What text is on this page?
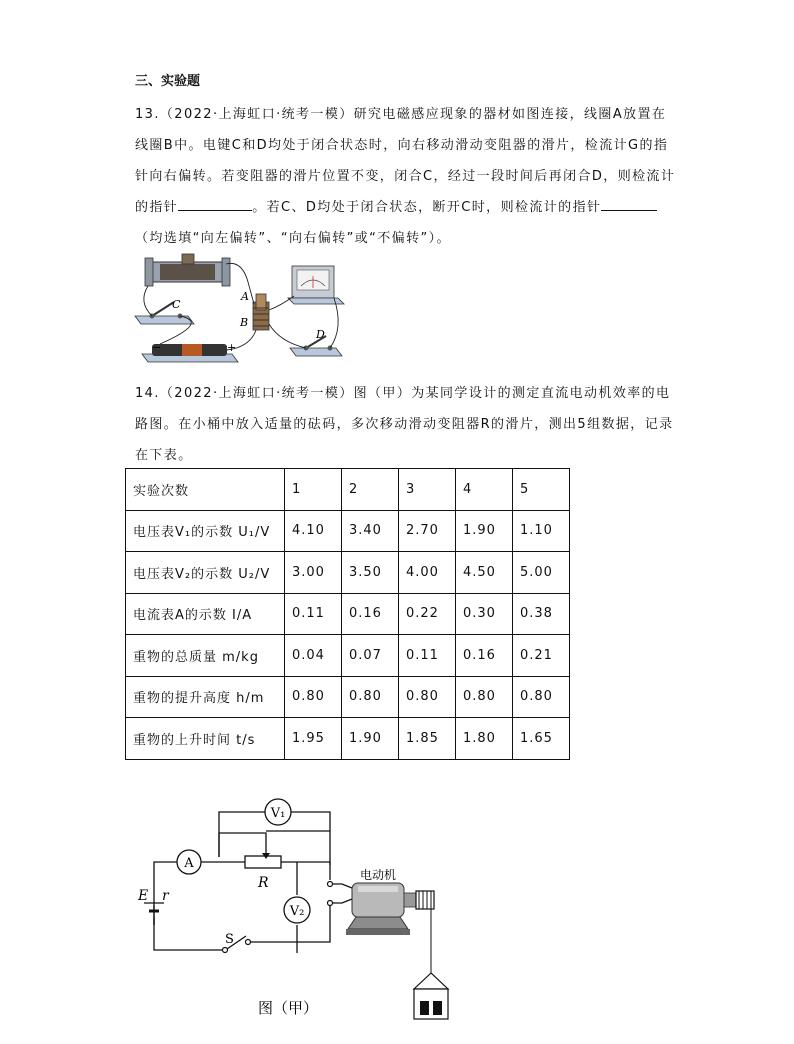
三、实验题
13.（2022·上海虹口·统考一模）研究电磁感应现象的器材如图连接，线圈A放置在
线圈B中。电键C和D均处于闭合状态时，向右移动滑动变阻器的滑片，检流计G的指
针向右偏转。若变阻器的滑片位置不变，闭合C，经过一段时间后再闭合D，则检流计
的指针	。若C、D均处于闭合状态，断开C时，则检流计的指针
（均选填“向左偏转”、“向右偏转”或“不偏转”）。
C
−	+
A
B
D
14.（2022·上海虹口·统考一模）图（甲）为某同学设计的测定直流电动机效率的电
路图。在小桶中放入适量的砝码，多次移动滑动变阻器R的滑片，测出5组数据，记录
在下表。
实验次数	1	2	3	4	5
电压表V₁的示数 U₁/V	4.10	3.40	2.70	1.90	1.10
电压表V₂的示数 U₂/V	3.00	3.50	4.00	4.50	5.00
电流表A的示数 I/A	0.11	0.16	0.22	0.30	0.38
重物的总质量 m/kg	0.04	0.07	0.11	0.16	0.21
重物的提升高度 h/m	0.80	0.80	0.80	0.80	0.80
重物的上升时间 t/s	1.95	1.90	1.85	1.80	1.65
V₁
A
V₂
R
E r
S
电动机
图（甲）
